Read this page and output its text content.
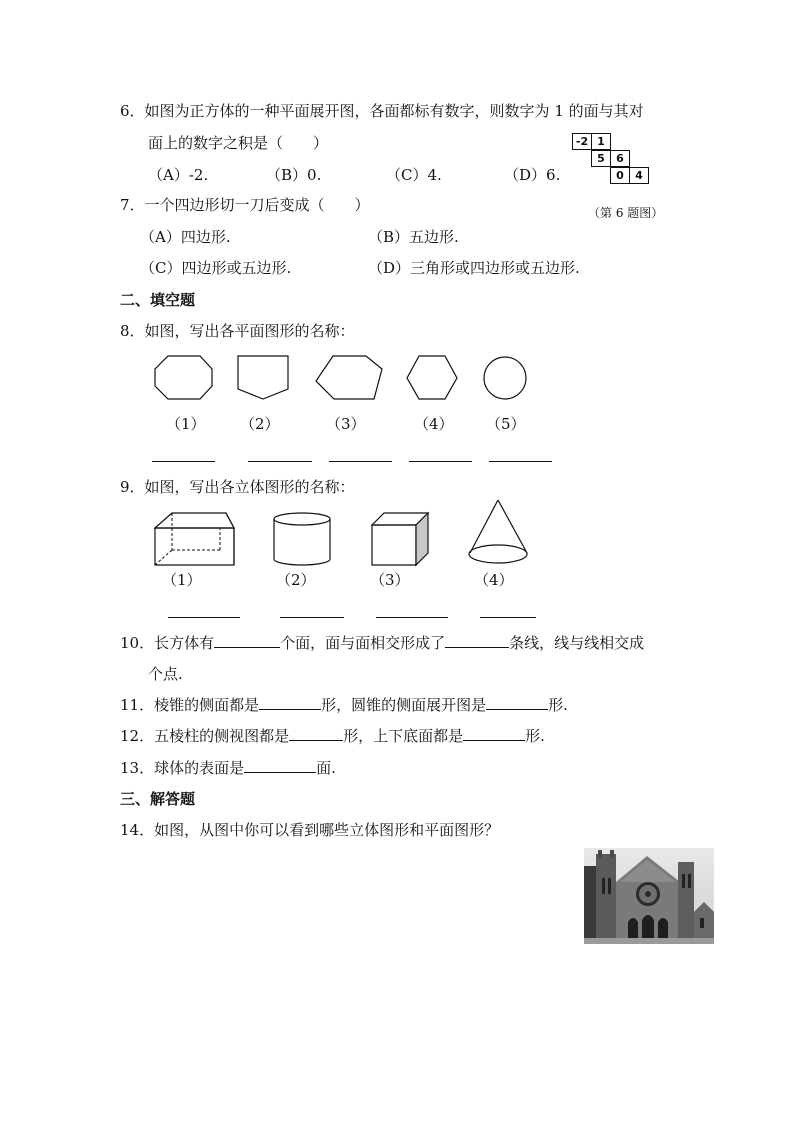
6．如图为正方体的一种平面展开图，各面都标有数字，则数字为 1 的面与其对
面上的数字之积是（　　）
（A）-2.	（B）0.	（C）4.	（D）6.
-2 1
5	6
0	4
（第 6 题图）
7．一个四边形切一刀后变成（　　）
（A）四边形.	（B）五边形.
（C）四边形或五边形.	（D）三角形或四边形或五边形.
二、填空题
8．如图，写出各平面图形的名称：
（1） （2）	（3）	（4） （5）
9．如图，写出各立体图形的名称：
（1）	（2）	（3）	（4）
10．长方体有	个面，面与面相交形成了	条线，线与线相交成
个点.
11．棱锥的侧面都是	形，圆锥的侧面展开图是	形.
12．五棱柱的侧视图都是	形，上下底面都是	形.
13．球体的表面是	面.
三、解答题
14．如图，从图中你可以看到哪些立体图形和平面图形？
